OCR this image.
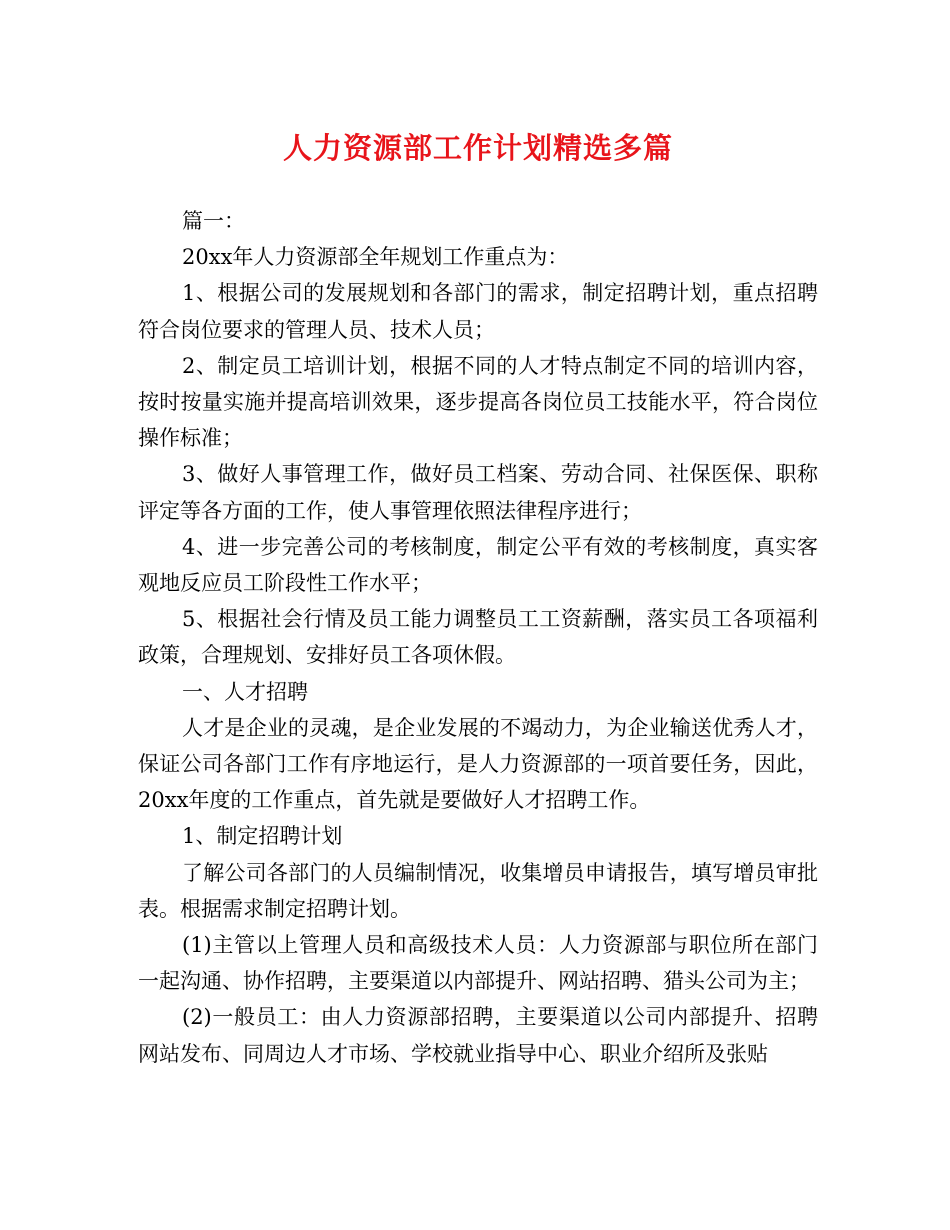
人力资源部工作计划精选多篇

篇一：

20xx年人力资源部全年规划工作重点为：

1、根据公司的发展规划和各部门的需求，制定招聘计划，重点招聘符合岗位要求的管理人员、技术人员；

2、制定员工培训计划，根据不同的人才特点制定不同的培训内容，按时按量实施并提高培训效果，逐步提高各岗位员工技能水平，符合岗位操作标准；

3、做好人事管理工作，做好员工档案、劳动合同、社保医保、职称评定等各方面的工作，使人事管理依照法律程序进行；

4、进一步完善公司的考核制度，制定公平有效的考核制度，真实客观地反应员工阶段性工作水平；

5、根据社会行情及员工能力调整员工工资薪酬，落实员工各项福利政策，合理规划、安排好员工各项休假。

一、人才招聘

人才是企业的灵魂，是企业发展的不竭动力，为企业输送优秀人才，保证公司各部门工作有序地运行，是人力资源部的一项首要任务，因此，20xx年度的工作重点，首先就是要做好人才招聘工作。

1、制定招聘计划

了解公司各部门的人员编制情况，收集增员申请报告，填写增员审批表。根据需求制定招聘计划。

(1)主管以上管理人员和高级技术人员：人力资源部与职位所在部门一起沟通、协作招聘，主要渠道以内部提升、网站招聘、猎头公司为主；

(2)一般员工：由人力资源部招聘，主要渠道以公司内部提升、招聘网站发布、同周边人才市场、学校就业指导中心、职业介绍所及张贴
